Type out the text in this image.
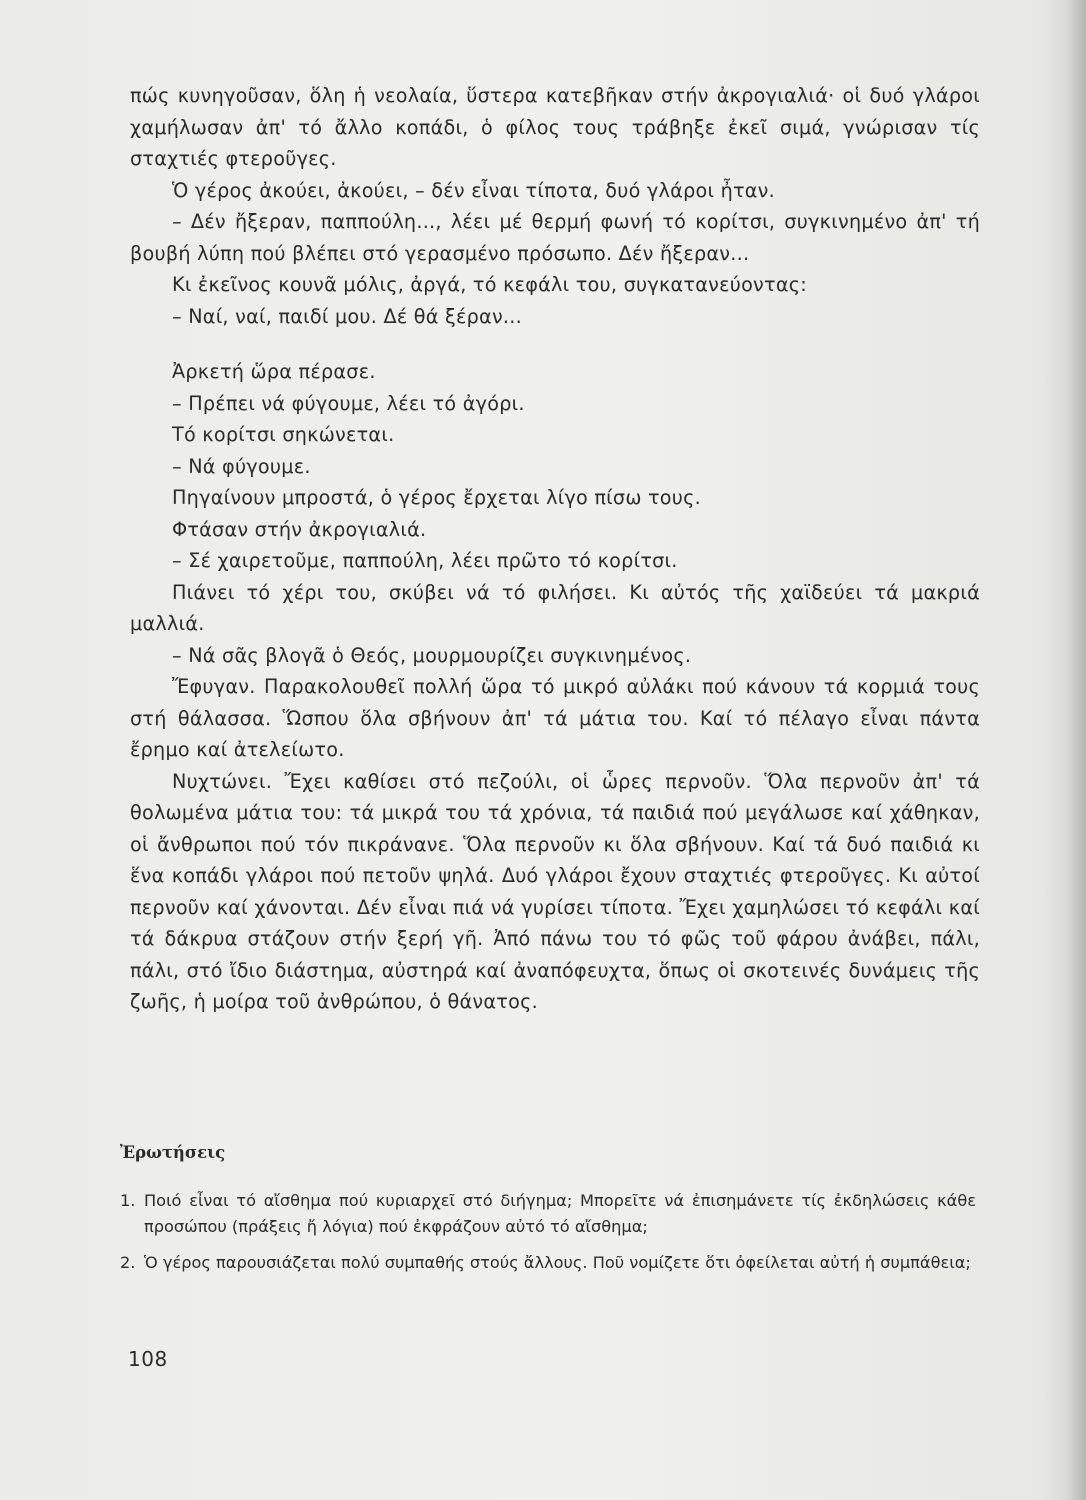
πώς κυνηγοῦσαν, ὅλη ἡ νεολαία, ὕστερα κατεβῆκαν στήν ἀκρογιαλιά· οἱ δυό γλάροι χαμήλωσαν ἀπ' τό ἄλλο κοπάδι, ὁ φίλος τους τράβηξε ἐκεῖ σιμά, γνώρισαν τίς σταχτιές φτεροῦγες.

Ὁ γέρος ἀκούει, ἀκούει, – δέν εἶναι τίποτα, δυό γλάροι ἦταν.

– Δέν ἤξεραν, παππούλη..., λέει μέ θερμή φωνή τό κορίτσι, συγκινημένο ἀπ' τή βουβή λύπη πού βλέπει στό γερασμένο πρόσωπο. Δέν ἤξεραν...

Κι ἐκεῖνος κουνᾶ μόλις, ἀργά, τό κεφάλι του, συγκατανεύοντας:

– Ναί, ναί, παιδί μου. Δέ θά ξέραν...

Ἀρκετή ὥρα πέρασε.

– Πρέπει νά φύγουμε, λέει τό ἀγόρι.

Τό κορίτσι σηκώνεται.

– Νά φύγουμε.

Πηγαίνουν μπροστά, ὁ γέρος ἔρχεται λίγο πίσω τους.

Φτάσαν στήν ἀκρογιαλιά.

– Σέ χαιρετοῦμε, παππούλη, λέει πρῶτο τό κορίτσι.

Πιάνει τό χέρι του, σκύβει νά τό φιλήσει. Κι αὐτός τῆς χαϊδεύει τά μακριά μαλλιά.

– Νά σᾶς βλογᾶ ὁ Θεός, μουρμουρίζει συγκινημένος.

Ἔφυγαν. Παρακολουθεῖ πολλή ὥρα τό μικρό αὐλάκι πού κάνουν τά κορμιά τους στή θάλασσα. Ὥσπου ὅλα σβήνουν ἀπ' τά μάτια του. Καί τό πέλαγο εἶναι πάντα ἔρημο καί ἀτελείωτο.

Νυχτώνει. Ἔχει καθίσει στό πεζούλι, οἱ ὧρες περνοῦν. Ὅλα περνοῦν ἀπ' τά θολωμένα μάτια του: τά μικρά του τά χρόνια, τά παιδιά πού μεγάλωσε καί χάθηκαν, οἱ ἄνθρωποι πού τόν πικράνανε. Ὅλα περνοῦν κι ὅλα σβήνουν. Καί τά δυό παιδιά κι ἕνα κοπάδι γλάροι πού πετοῦν ψηλά. Δυό γλάροι ἔχουν σταχτιές φτεροῦγες. Κι αὐτοί περνοῦν καί χάνονται. Δέν εἶναι πιά νά γυρίσει τίποτα. Ἔχει χαμηλώσει τό κεφάλι καί τά δάκρυα στάζουν στήν ξερή γῆ. Ἀπό πάνω του τό φῶς τοῦ φάρου ἀνάβει, πάλι, πάλι, στό ἴδιο διάστημα, αὐστηρά καί ἀναπόφευχτα, ὅπως οἱ σκοτεινές δυνάμεις τῆς ζωῆς, ἡ μοίρα τοῦ ἀνθρώπου, ὁ θάνατος.

Ἐρωτήσεις
1. Ποιό εἶναι τό αἴσθημα πού κυριαρχεῖ στό διήγημα; Μπορεῖτε νά ἐπισημάνετε τίς ἐκδηλώσεις κάθε προσώπου (πράξεις ἤ λόγια) πού ἐκφράζουν αὐτό τό αἴσθημα;
2. Ὁ γέρος παρουσιάζεται πολύ συμπαθής στούς ἄλλους. Ποῦ νομίζετε ὅτι ὀφείλεται αὐτή ἡ συμπάθεια;
108
